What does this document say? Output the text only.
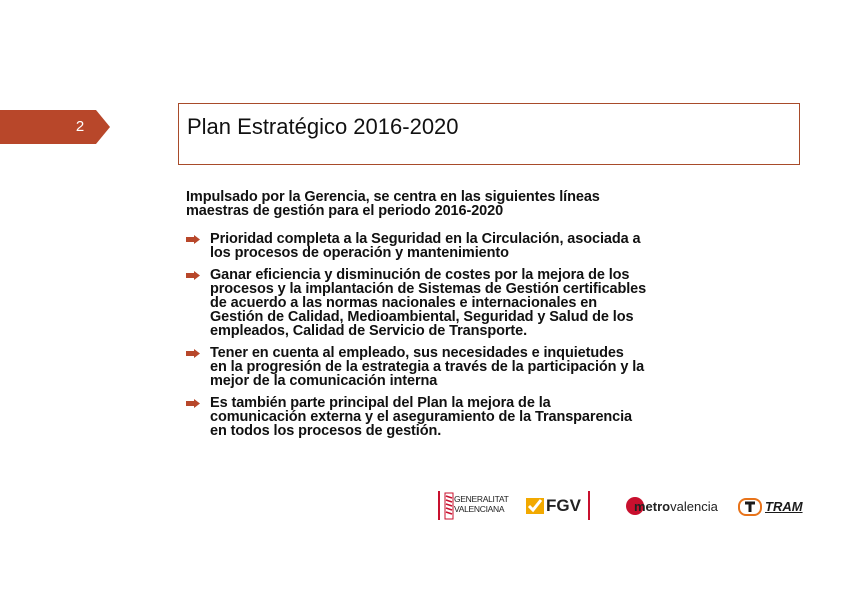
2	Plan Estratégico 2016-2020
Impulsado por la Gerencia, se centra en las siguientes líneas
maestras de gestión para el periodo 2016-2020
Prioridad completa a la Seguridad en la Circulación, asociada a
los procesos de operación y mantenimiento
Ganar eficiencia y disminución de costes por la mejora de los
procesos y la implantación de Sistemas de Gestión certificables
de acuerdo a las normas nacionales e internacionales en
Gestión de Calidad, Medioambiental, Seguridad y Salud de los
empleados, Calidad de Servicio de Transporte.
Tener en cuenta al empleado, sus necesidades e inquietudes
en la progresión de la estrategia a través de la participación y la
mejor de la comunicación interna
Es también parte principal del Plan la mejora de la
comunicación externa y el aseguramiento de la Transparencia
en todos los procesos de gestión.
GENERALITAT
VALENCIANA FGV	metrovalencia	TRAM
